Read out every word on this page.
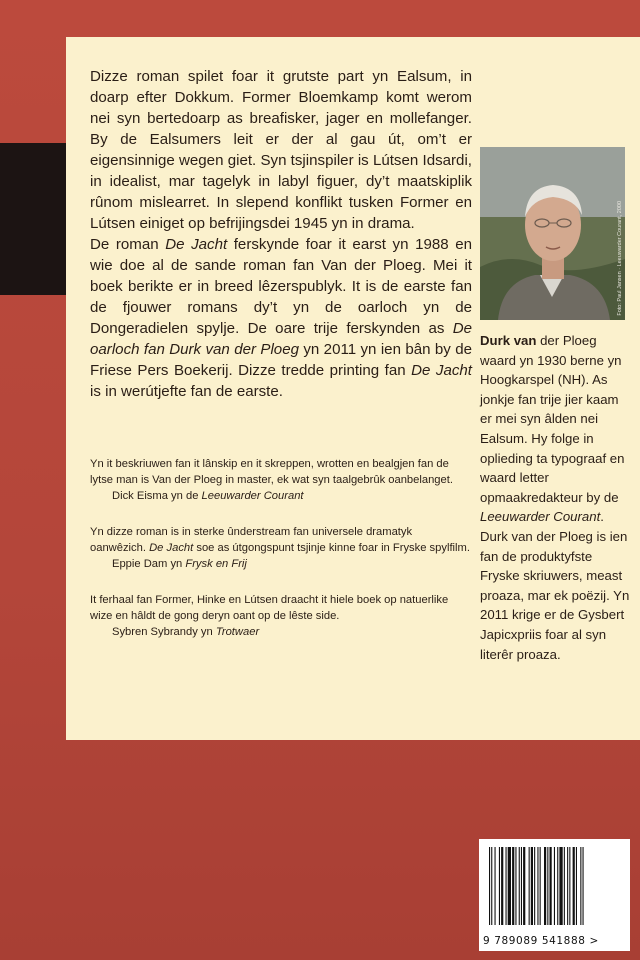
Dizze roman spilet foar it grutste part yn Ealsum, in doarp efter Dokkum. Former Bloemkamp komt werom nei syn bertedoarp as breafisker, jager en mollefanger. By de Ealsumers leit er der al gau út, om’t er eigensinnige wegen giet. Syn tsjinspiler is Lútsen Idsardi, in idealist, mar tagelyk in labyl figuer, dy’t maatskiplik rûnom mislearret. In slepend konflikt tusken Former en Lútsen einiget op befrijingsdei 1945 yn in drama.

De roman De Jacht ferskynde foar it earst yn 1988 en wie doe al de sande roman fan Van der Ploeg. Mei it boek berikte er in breed lêzerspublyk. It is de earste fan de fjouwer romans dy’t yn de oarloch yn de Dongeradielen spylje. De oare trije ferskynden as De oarloch fan Durk van der Ploeg yn 2011 yn ien bân by de Friese Pers Boekerij. Dizze tredde printing fan De Jacht is in werútjefte fan de earste.

Yn it beskriuwen fan it lânskip en it skreppen, wrotten en bealgjen fan de lytse man is Van der Ploeg in master, ek wat syn taalgebrûk oanbelanget.

Dick Eisma yn de Leeuwarder Courant

Yn dizze roman is in sterke ûnderstream fan universele dramatyk oanwêzich. De Jacht soe as útgongspunt tsjinje kinne foar in Fryske spylfilm.

Eppie Dam yn Frysk en Frij

It ferhaal fan Former, Hinke en Lútsen draacht it hiele boek op natuerlike wize en hâldt de gong deryn oant op de lêste side.

Sybren Sybrandy yn Trotwaer

Foto: Paul Jansen · Leeuwarder Courant, 2000

Durk van der Ploeg waard yn 1930 berne yn Hoogkarspel (NH). As jonkje fan trije jier kaam er mei syn âlden nei Ealsum. Hy folge in oplieding ta typograaf en waard letter opmaakredakteur by de Leeuwarder Courant. Durk van der Ploeg is ien fan de produktyfste Fryske skriuwers, meast proaza, mar ek poëzij. Yn 2011 krige er de Gysbert Japicxpriis foar al syn literêr proaza.

9 789089 541888 >
